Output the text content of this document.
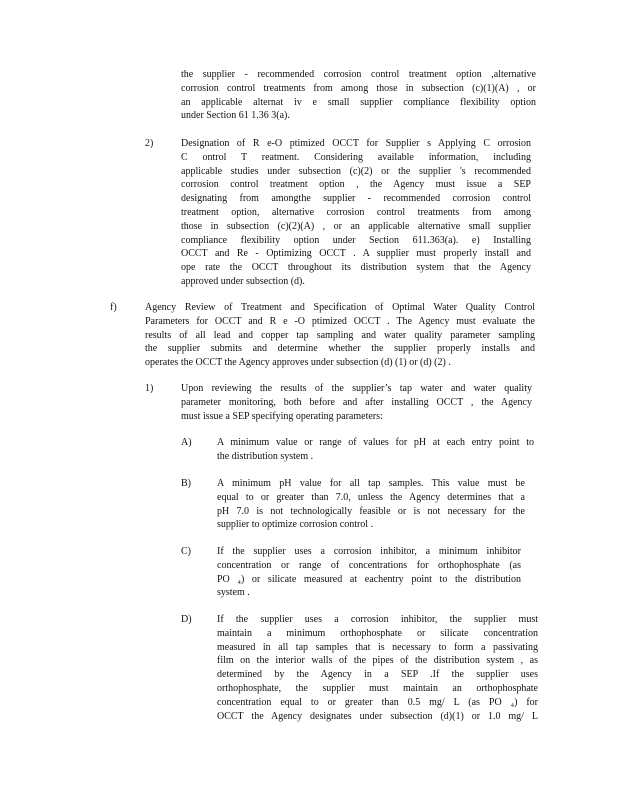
the supplier - recommended corrosion control treatment option ,alternative
corrosion control treatments from among those in subsection (c)(1)(A) , or
an applicable alternat iv e small supplier compliance flexibility option
under Section 61 1.36 3(a).
2)	Designation of R e-O ptimized OCCT for Supplier s Applying C orrosion
C ontrol T reatment. Considering available information, including
applicable studies under subsection (c)(2) or the supplier 's recommended
corrosion control treatment option , the Agency must issue a SEP
designating from amongthe supplier - recommended corrosion control
treatment option, alternative corrosion control treatments from among
those in subsection (c)(2)(A) , or an applicable alternative small supplier
compliance flexibility option under Section 611.363(a). e) Installing
OCCT and Re - Optimizing OCCT . A supplier must properly install and
ope rate the OCCT throughout its distribution system that the Agency
approved under subsection (d).
f)	Agency Review of Treatment and Specification of Optimal Water Quality Control
Parameters for OCCT and R e -O ptimized OCCT . The Agency must evaluate the
results of all lead and copper tap sampling and water quality parameter sampling
the supplier submits and determine whether the supplier properly installs and
operates the OCCT the Agency approves under subsection (d) (1) or (d) (2) .
1)	Upon reviewing the results of the supplier’s tap water and water quality
parameter monitoring, both before and after installing OCCT , the Agency
must issue a SEP specifying operating parameters:
A)	A minimum value or range of values for pH at each entry point to
the distribution system .
B)	A minimum pH value for all tap samples. This value must be
equal to or greater than 7.0, unless the Agency determines that a
pH 7.0 is not technologically feasible or is not necessary for the
supplier to optimize corrosion control .
C)	If the supplier uses a corrosion inhibitor, a minimum inhibitor
concentration or range of concentrations for orthophosphate (as
PO ₄) or silicate measured at eachentry point to the distribution
system .
D)	If the supplier uses a corrosion inhibitor, the supplier must
maintain a minimum orthophosphate or silicate concentration
measured in all tap samples that is necessary to form a passivating
film on the interior walls of the pipes of the distribution system , as
determined by the Agency in a SEP .If the supplier uses
orthophosphate, the supplier must maintain an orthophosphate
concentration equal to or greater than 0.5 mg/ L (as PO ₄) for
OCCT the Agency designates under subsection (d)(1) or 1.0 mg/ L
